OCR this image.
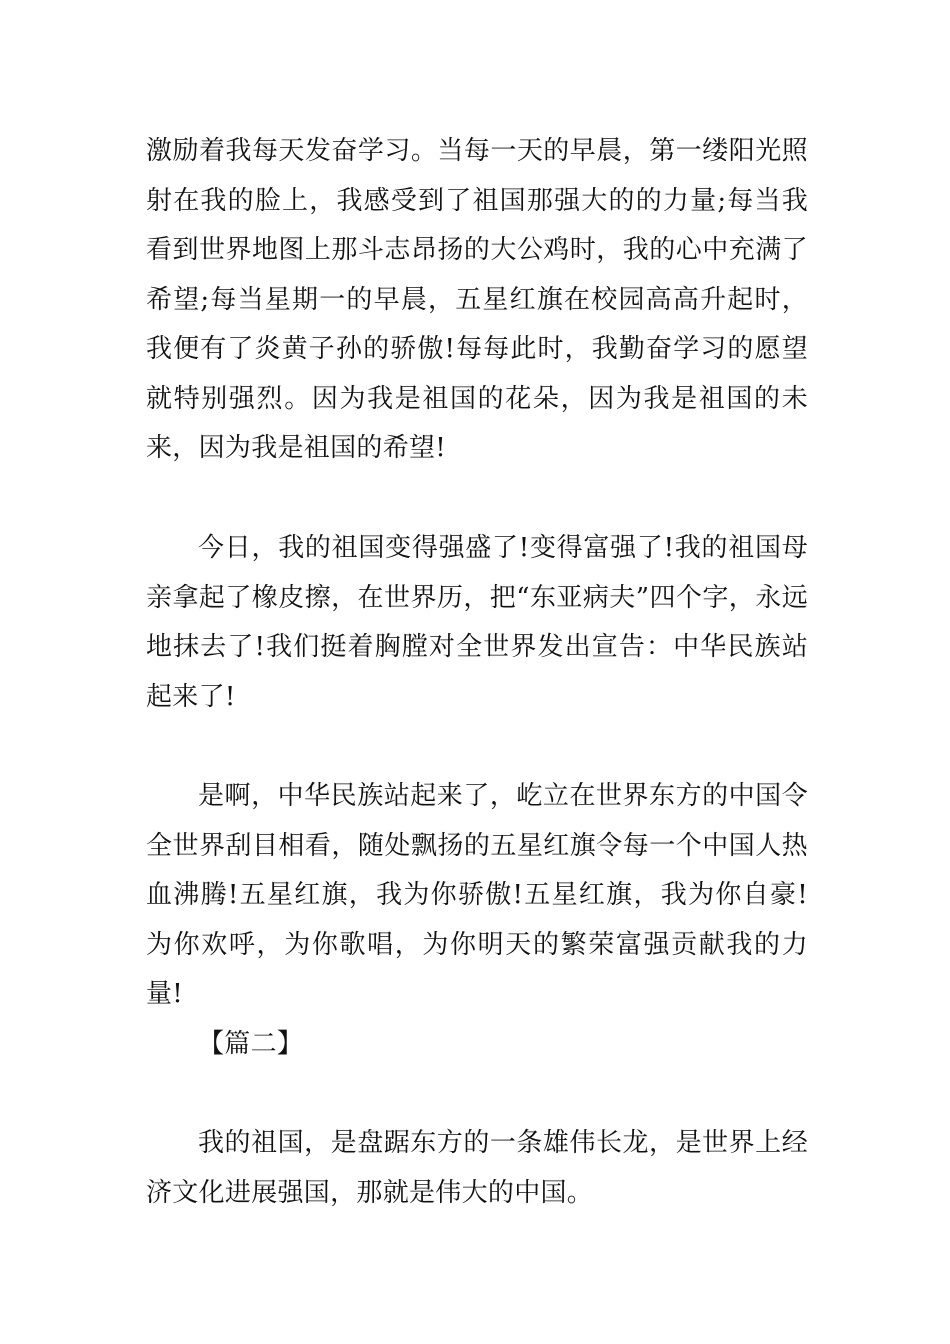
激励着我每天发奋学习。当每一天的早晨，第一缕阳光照射在我的脸上，我感受到了祖国那强大的的力量;每当我看到世界地图上那斗志昂扬的大公鸡时，我的心中充满了希望;每当星期一的早晨，五星红旗在校园高高升起时，我便有了炎黄子孙的骄傲!每每此时，我勤奋学习的愿望就特别强烈。因为我是祖国的花朵，因为我是祖国的未来，因为我是祖国的希望!

今日，我的祖国变得强盛了!变得富强了!我的祖国母亲拿起了橡皮擦，在世界历，把“东亚病夫”四个字，永远地抹去了!我们挺着胸膛对全世界发出宣告：中华民族站起来了!

是啊，中华民族站起来了，屹立在世界东方的中国令全世界刮目相看，随处飘扬的五星红旗令每一个中国人热血沸腾!五星红旗，我为你骄傲!五星红旗，我为你自豪!为你欢呼，为你歌唱，为你明天的繁荣富强贡献我的力量!

【篇二】

我的祖国，是盘踞东方的一条雄伟长龙，是世界上经济文化进展强国，那就是伟大的中国。
